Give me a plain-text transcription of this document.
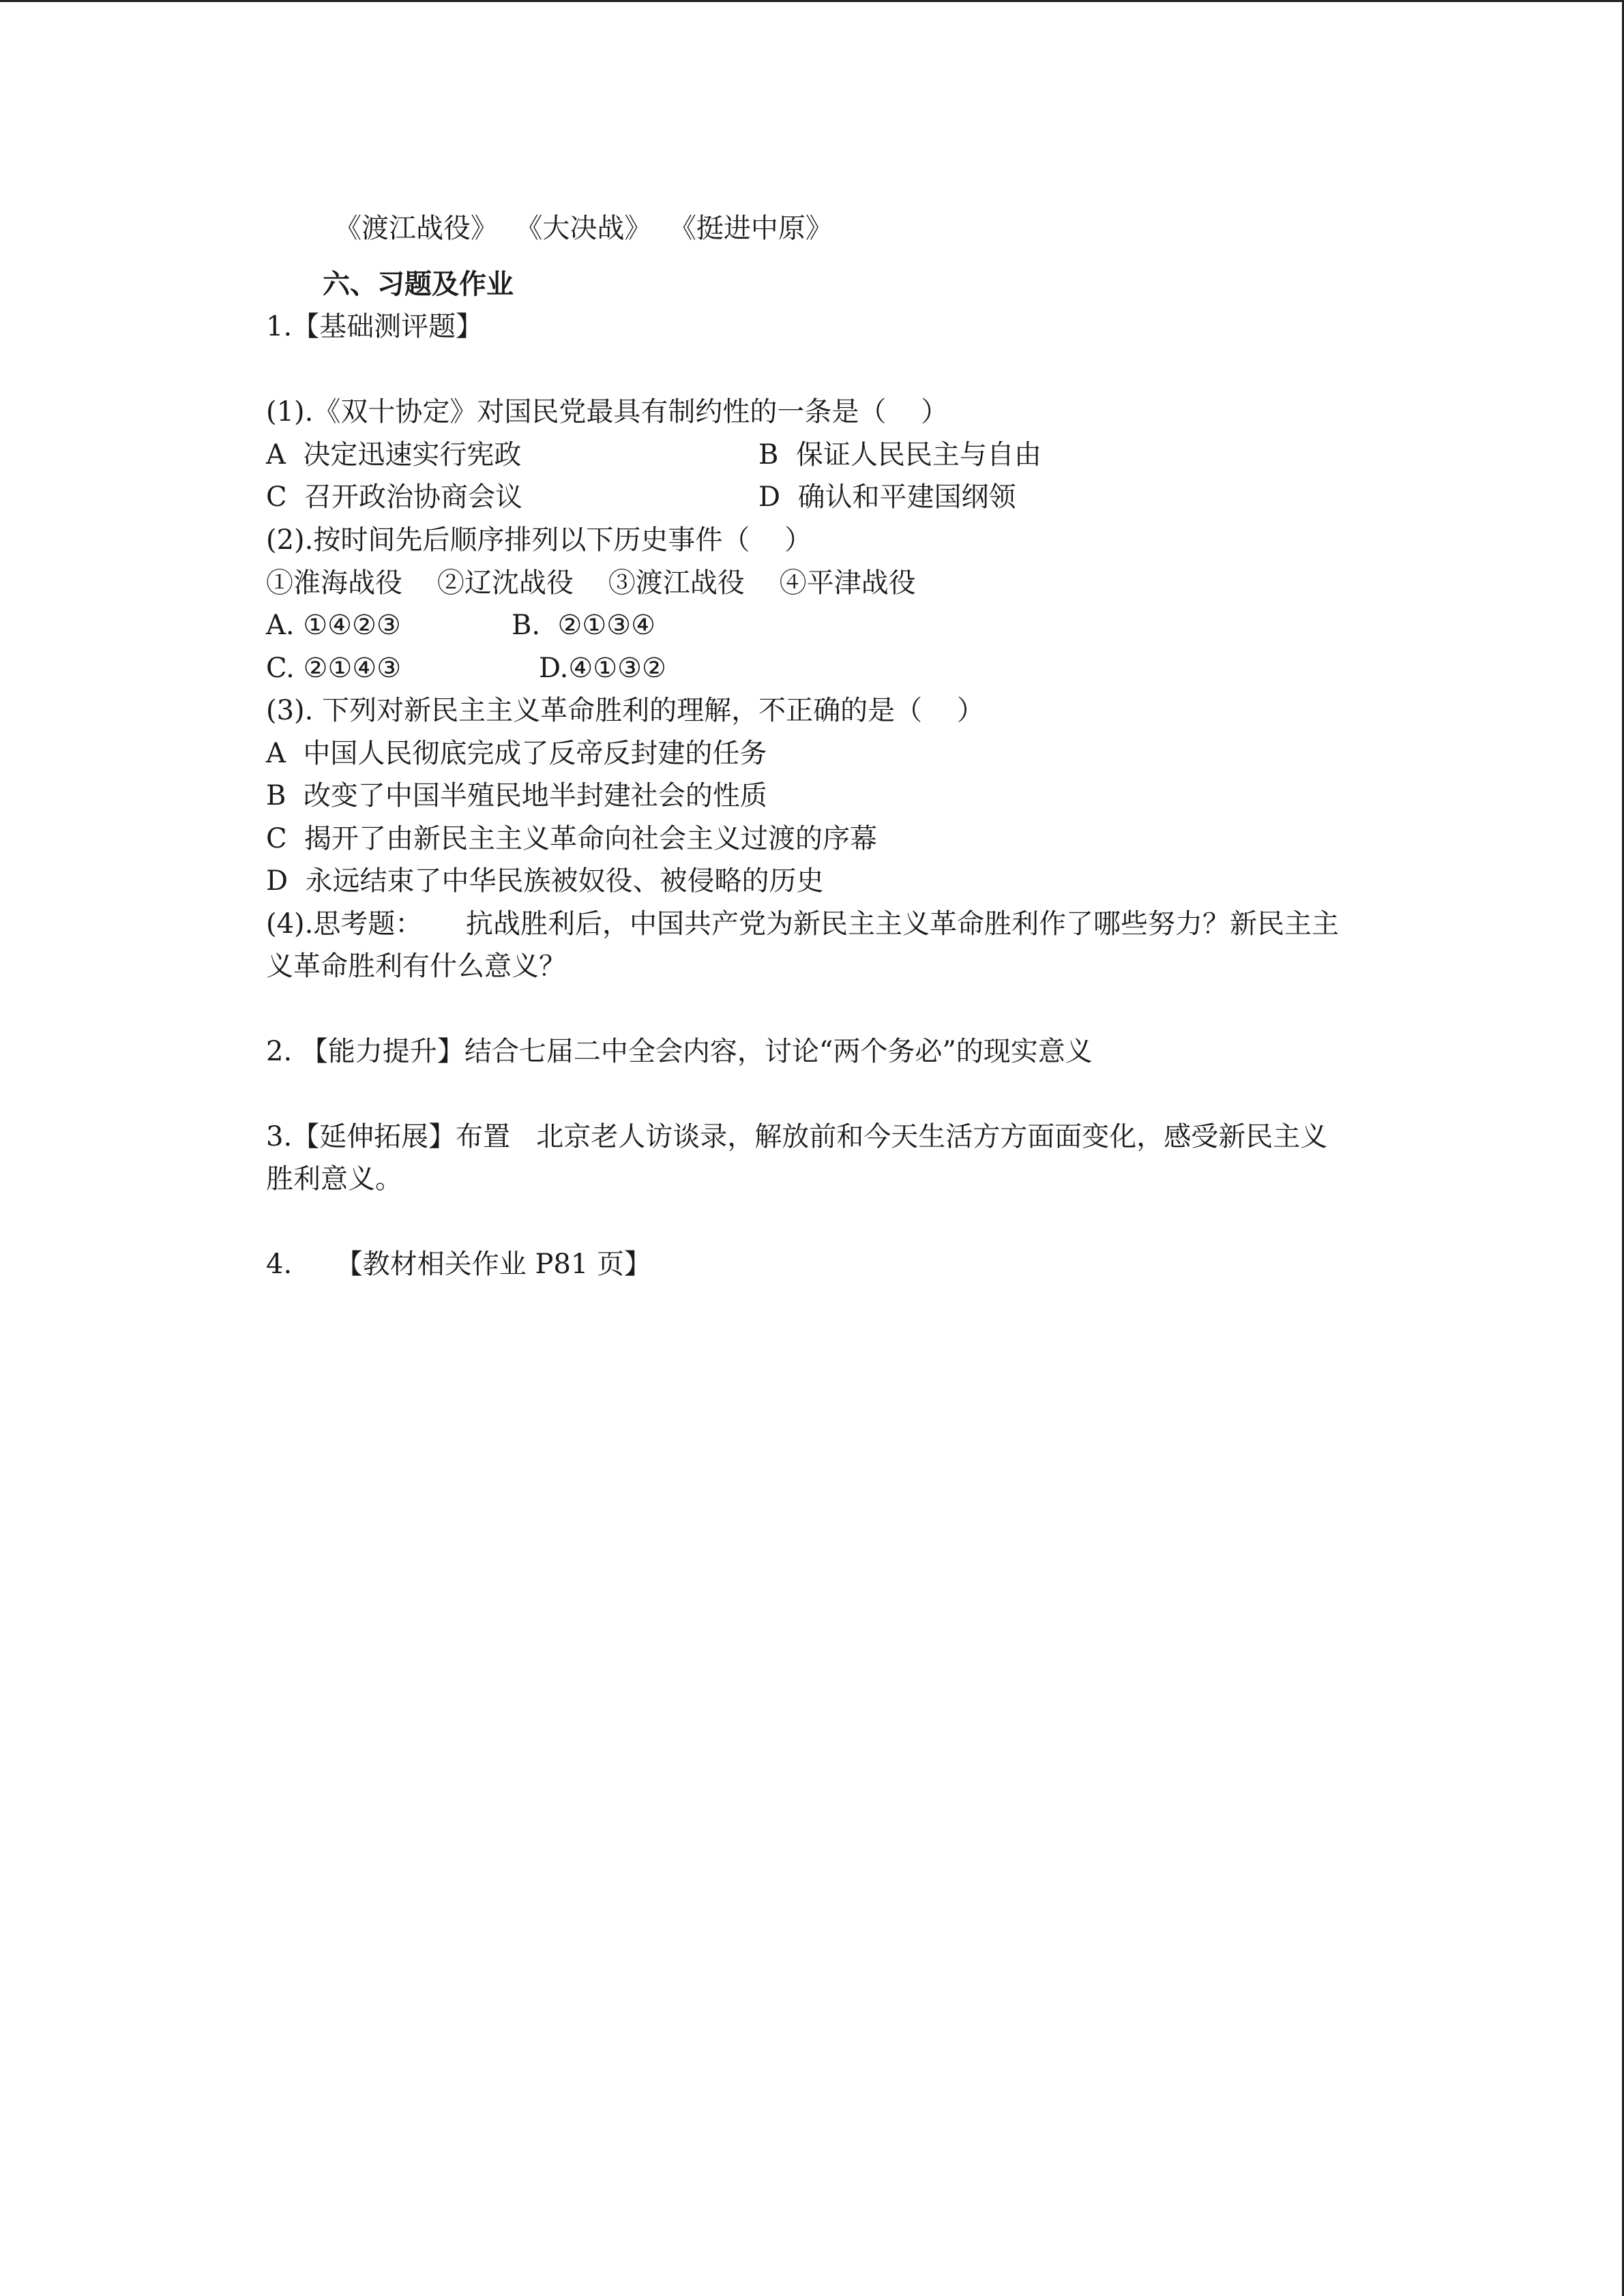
《渡江战役》  《大决战》  《挺进中原》
六、习题及作业
1.【基础测评题】
(1).《双十协定》对国民党最具有制约性的一条是（    ）
A  决定迅速实行宪政	B  保证人民民主与自由
C  召开政治协商会议	D  确认和平建国纲领
(2).按时间先后顺序排列以下历史事件（    ）
①淮海战役    ②辽沈战役    ③渡江战役    ④平津战役
A. ①④②③	B.  ②①③④
C. ②①④③	D.④①③②
(3). 下列对新民主主义革命胜利的理解，不正确的是（    ）
A  中国人民彻底完成了反帝反封建的任务
B  改变了中国半殖民地半封建社会的性质
C  揭开了由新民主主义革命向社会主义过渡的序幕
D  永远结束了中华民族被奴役、被侵略的历史
(4).思考题：     抗战胜利后，中国共产党为新民主主义革命胜利作了哪些努力？新民主主
义革命胜利有什么意义？
2. 【能力提升】结合七届二中全会内容，讨论“两个务必”的现实意义
3.【延伸拓展】布置   北京老人访谈录，解放前和今天生活方方面面变化，感受新民主义
胜利意义。
4.     【教材相关作业 P81 页】
